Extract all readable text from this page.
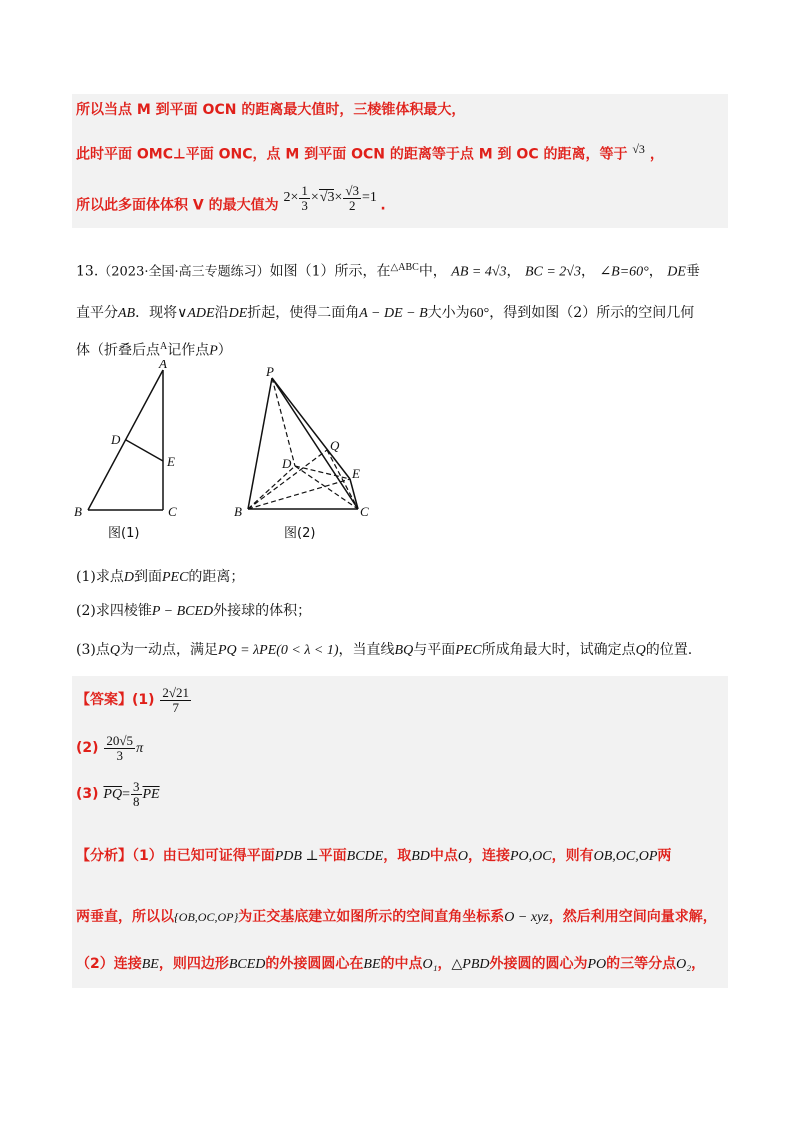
所以当点 M 到平面 OCN 的距离最大值时，三棱锥体积最大，
此时平面 OMC⊥平面 ONC，点 M 到平面 OCN 的距离等于点 M 到 OC 的距离，等于 $^{√3}$ ，
所以此多面体体积 V 的最大值为 $2\times \frac{1}{3} \times√3\times \frac{√3}{2} =1$ .
13.（2023·全国·高三专题练习）如图（1）所示，在$^{\triangle ABC}$中， AB = 4√3， BC = 2√3， ∠B=60°， DE垂
直平分AB．现将∨ADE沿DE折起，使得二面角A − DE − B大小为60°，得到如图（2）所示的空间几何
体（折叠后点$^A$记作点P）
A
D
E
B	C
图(1)
P
Q
D
E
B	C
图(2)
(1)求点D到面PEC的距离；
(2)求四棱锥P − BCED外接球的体积；
(3)点Q为一动点，满足PQ = λPE(0 < λ < 1)，当直线BQ与平面PEC所成角最大时，试确定点Q的位置.
【答案】$(1) \frac{2√21}{7}$
$(2) \frac{20√5}{3}$ π
(3) $\overline{PQ}= \frac{3}{8} \overline{PE}$
【分析】（1）由已知可证得平面PDB ⊥平面BCDE，取BD中点O，连接PO,OC，则有OB,OC,OP两
两垂直，所以以{OB,OC,OP}为正交基底建立如图所示的空间直角坐标系O − xyz，然后利用空间向量求解，
（2）连接BE，则四边形BCED的外接圆圆心在BE的中点O₁，△PBD外接圆的圆心为PO的三等分点O₂，
